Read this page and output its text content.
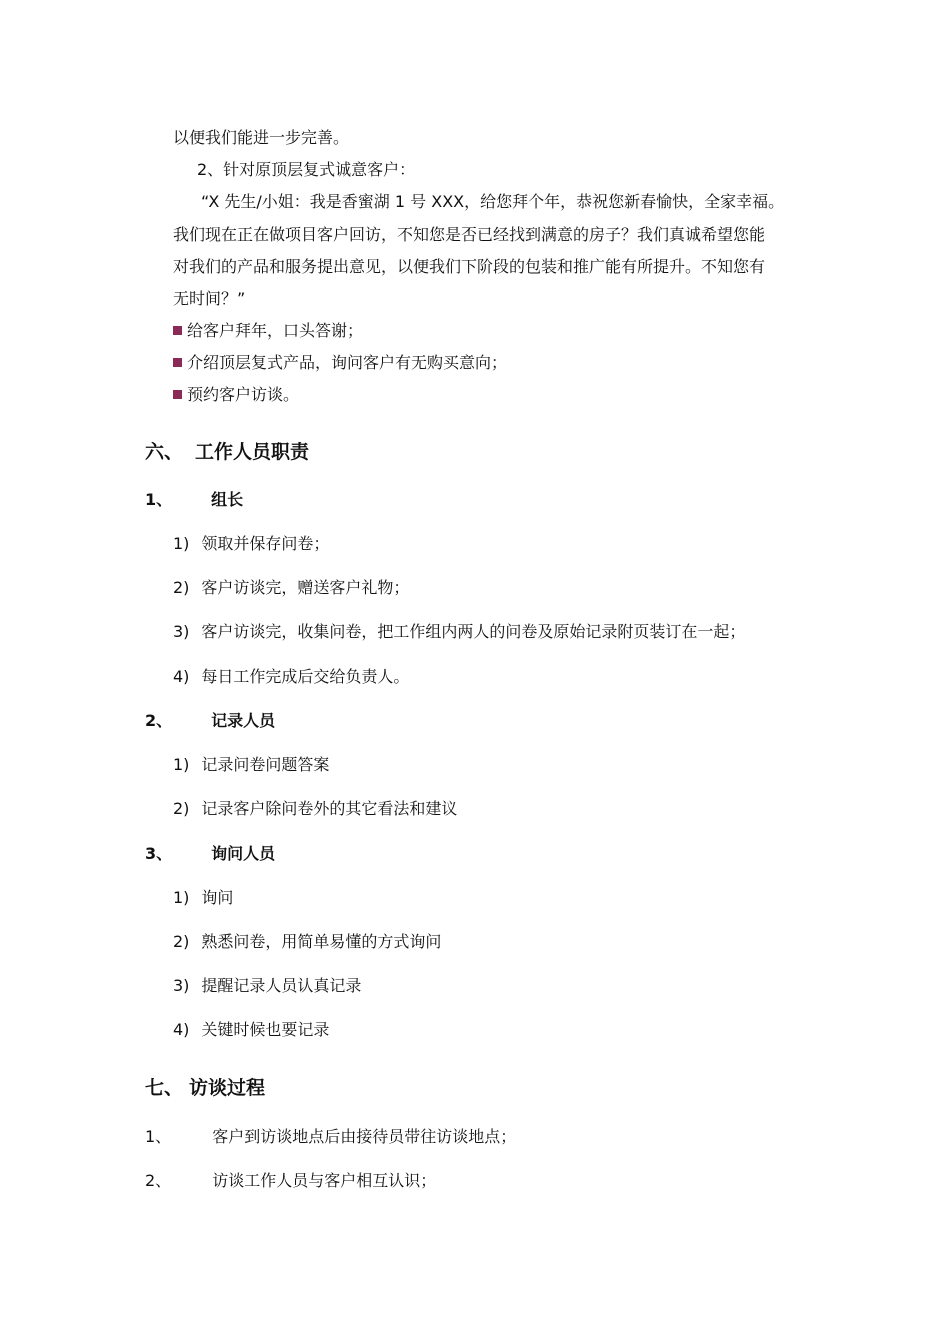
以便我们能进一步完善。
2、针对原顶层复式诚意客户：
“X 先生/小姐：我是香蜜湖 1 号 XXX，给您拜个年，恭祝您新春愉快，全家幸福。
我们现在正在做项目客户回访，不知您是否已经找到满意的房子？我们真诚希望您能
对我们的产品和服务提出意见，以便我们下阶段的包装和推广能有所提升。不知您有
无时间？”
给客户拜年，口头答谢；
介绍顶层复式产品，询问客户有无购买意向；
预约客户访谈。
六、 工作人员职责
1、 组长
1) 领取并保存问卷；
2) 客户访谈完，赠送客户礼物；
3) 客户访谈完，收集问卷，把工作组内两人的问卷及原始记录附页装订在一起；
4) 每日工作完成后交给负责人。
2、 记录人员
1) 记录问卷问题答案
2) 记录客户除问卷外的其它看法和建议
3、 询问人员
1) 询问
2) 熟悉问卷，用简单易懂的方式询问
3) 提醒记录人员认真记录
4) 关键时候也要记录
七、 访谈过程
1、	客户到访谈地点后由接待员带往访谈地点；
2、	访谈工作人员与客户相互认识；
